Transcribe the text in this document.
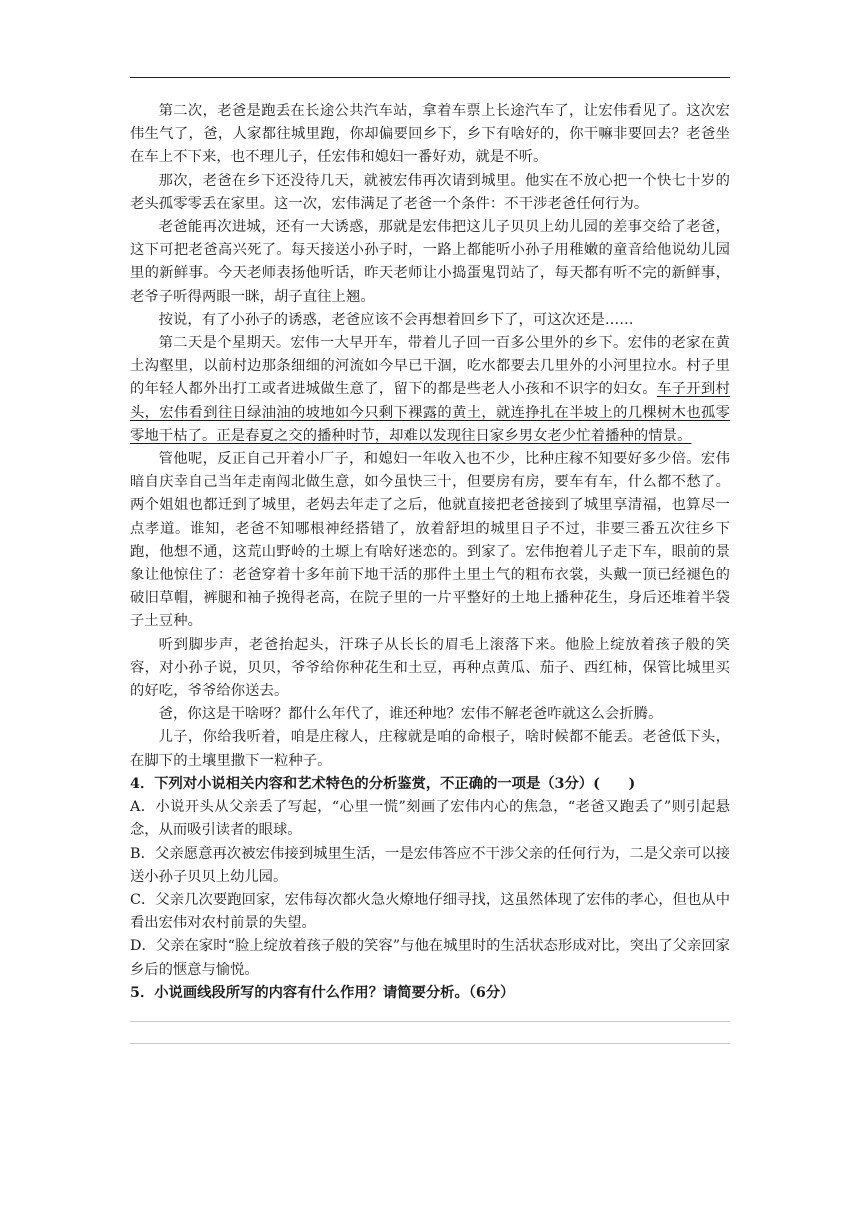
第二次，老爸是跑丢在长途公共汽车站，拿着车票上长途汽车了，让宏伟看见了。这次宏伟生气了，爸，人家都往城里跑，你却偏要回乡下，乡下有啥好的，你干嘛非要回去？老爸坐在车上不下来，也不理儿子，任宏伟和媳妇一番好劝，就是不听。

那次，老爸在乡下还没待几天，就被宏伟再次请到城里。他实在不放心把一个快七十岁的老头孤零零丢在家里。这一次，宏伟满足了老爸一个条件：不干涉老爸任何行为。

老爸能再次进城，还有一大诱惑，那就是宏伟把这儿子贝贝上幼儿园的差事交给了老爸，这下可把老爸高兴死了。每天接送小孙子时，一路上都能听小孙子用稚嫩的童音给他说幼儿园里的新鲜事。今天老师表扬他听话，昨天老师让小捣蛋鬼罚站了，每天都有听不完的新鲜事，老爷子听得两眼一眯，胡子直往上翘。

按说，有了小孙子的诱惑，老爸应该不会再想着回乡下了，可这次还是……

第二天是个星期天。宏伟一大早开车，带着儿子回一百多公里外的乡下。宏伟的老家在黄土沟壑里，以前村边那条细细的河流如今早已干涸，吃水都要去几里外的小河里拉水。村子里的年轻人都外出打工或者进城做生意了，留下的都是些老人小孩和不识字的妇女。车子开到村头，宏伟看到往日绿油油的坡地如今只剩下裸露的黄土，就连挣扎在半坡上的几棵树木也孤零零地干枯了。正是春夏之交的播种时节，却难以发现往日家乡男女老少忙着播种的情景。

管他呢，反正自己开着小厂子，和媳妇一年收入也不少，比种庄稼不知要好多少倍。宏伟暗自庆幸自己当年走南闯北做生意，如今虽快三十，但要房有房，要车有车，什么都不愁了。两个姐姐也都迁到了城里，老妈去年走了之后，他就直接把老爸接到了城里享清福，也算尽一点孝道。谁知，老爸不知哪根神经搭错了，放着舒坦的城里日子不过，非要三番五次往乡下跑，他想不通，这荒山野岭的土塬上有啥好迷恋的。到家了。宏伟抱着儿子走下车，眼前的景象让他惊住了：老爸穿着十多年前下地干活的那件土里土气的粗布衣裳，头戴一顶已经褪色的破旧草帽，裤腿和袖子挽得老高，在院子里的一片平整好的土地上播种花生，身后还堆着半袋子土豆种。

听到脚步声，老爸抬起头，汗珠子从长长的眉毛上滚落下来。他脸上绽放着孩子般的笑容，对小孙子说，贝贝，爷爷给你种花生和土豆，再种点黄瓜、茄子、西红柿，保管比城里买的好吃，爷爷给你送去。

爸，你这是干啥呀？都什么年代了，谁还种地？宏伟不解老爸咋就这么会折腾。

儿子，你给我听着，咱是庄稼人，庄稼就是咱的命根子，啥时候都不能丢。老爸低下头，在脚下的土壤里撒下一粒种子。

4．下列对小说相关内容和艺术特色的分析鉴赏，不正确的一项是（3分）(　　)

A．小说开头从父亲丢了写起，“心里一慌”刻画了宏伟内心的焦急，“老爸又跑丢了”则引起悬念，从而吸引读者的眼球。

B．父亲愿意再次被宏伟接到城里生活，一是宏伟答应不干涉父亲的任何行为，二是父亲可以接送小孙子贝贝上幼儿园。

C．父亲几次要跑回家，宏伟每次都火急火燎地仔细寻找，这虽然体现了宏伟的孝心，但也从中看出宏伟对农村前景的失望。

D．父亲在家时“脸上绽放着孩子般的笑容”与他在城里时的生活状态形成对比，突出了父亲回家乡后的惬意与愉悦。

5．小说画线段所写的内容有什么作用？请简要分析。（6分）
